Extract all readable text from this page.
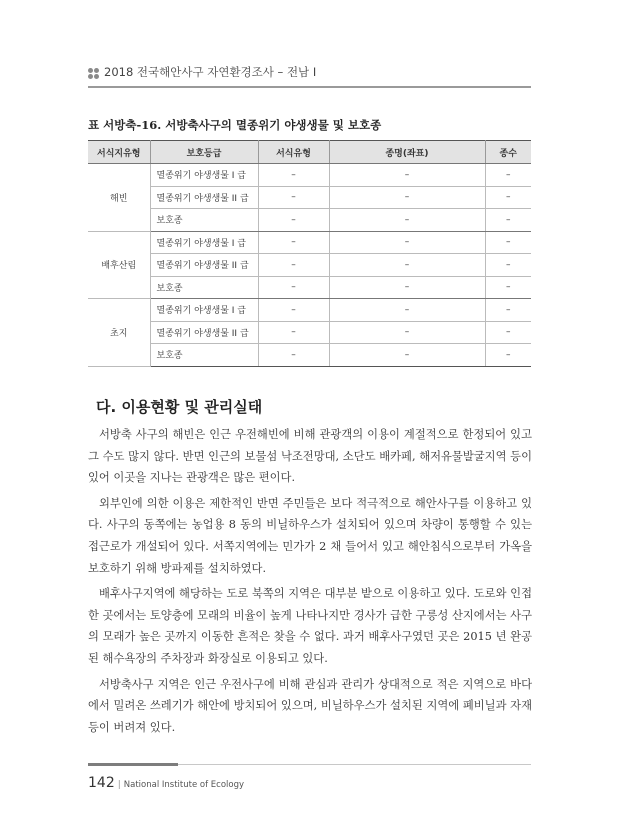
2018 전국해안사구 자연환경조사 – 전남 I
표 서방축-16. 서방축사구의 멸종위기 야생생물 및 보호종
서식지유형	보호등급	서식유형	종명(좌표)	종수
해빈	멸종위기 야생생물 I 급	–	–	–
	멸종위기 야생생물 II 급	–	–	–
	보호종	–	–	–
배후산림	멸종위기 야생생물 I 급	–	–	–
	멸종위기 야생생물 II 급	–	–	–
	보호종	–	–	–
초지	멸종위기 야생생물 I 급	–	–	–
	멸종위기 야생생물 II 급	–	–	–
	보호종	–	–	–
다. 이용현황 및 관리실태

서방축 사구의 해빈은 인근 우전해빈에 비해 관광객의 이용이 계절적으로 한정되어 있고 그 수도 많지 않다. 반면 인근의 보물섬 낙조전망대, 소단도 배카페, 해저유물발굴지역 등이 있어 이곳을 지나는 관광객은 많은 편이다.

외부인에 의한 이용은 제한적인 반면 주민들은 보다 적극적으로 해안사구를 이용하고 있다. 사구의 동쪽에는 농업용 8 동의 비닐하우스가 설치되어 있으며 차량이 통행할 수 있는 접근로가 개설되어 있다. 서쪽지역에는 민가가 2 채 들어서 있고 해안침식으로부터 가옥을 보호하기 위해 방파제를 설치하였다.

배후사구지역에 해당하는 도로 북쪽의 지역은 대부분 밭으로 이용하고 있다. 도로와 인접한 곳에서는 토양층에 모래의 비율이 높게 나타나지만 경사가 급한 구릉성 산지에서는 사구의 모래가 높은 곳까지 이동한 흔적은 찾을 수 없다. 과거 배후사구였던 곳은 2015 년 완공된 해수욕장의 주차장과 화장실로 이용되고 있다.

서방축사구 지역은 인근 우전사구에 비해 관심과 관리가 상대적으로 적은 지역으로 바다에서 밀려온 쓰레기가 해안에 방치되어 있으며, 비닐하우스가 설치된 지역에 폐비닐과 자재 등이 버려져 있다.

142 | National Institute of Ecology
